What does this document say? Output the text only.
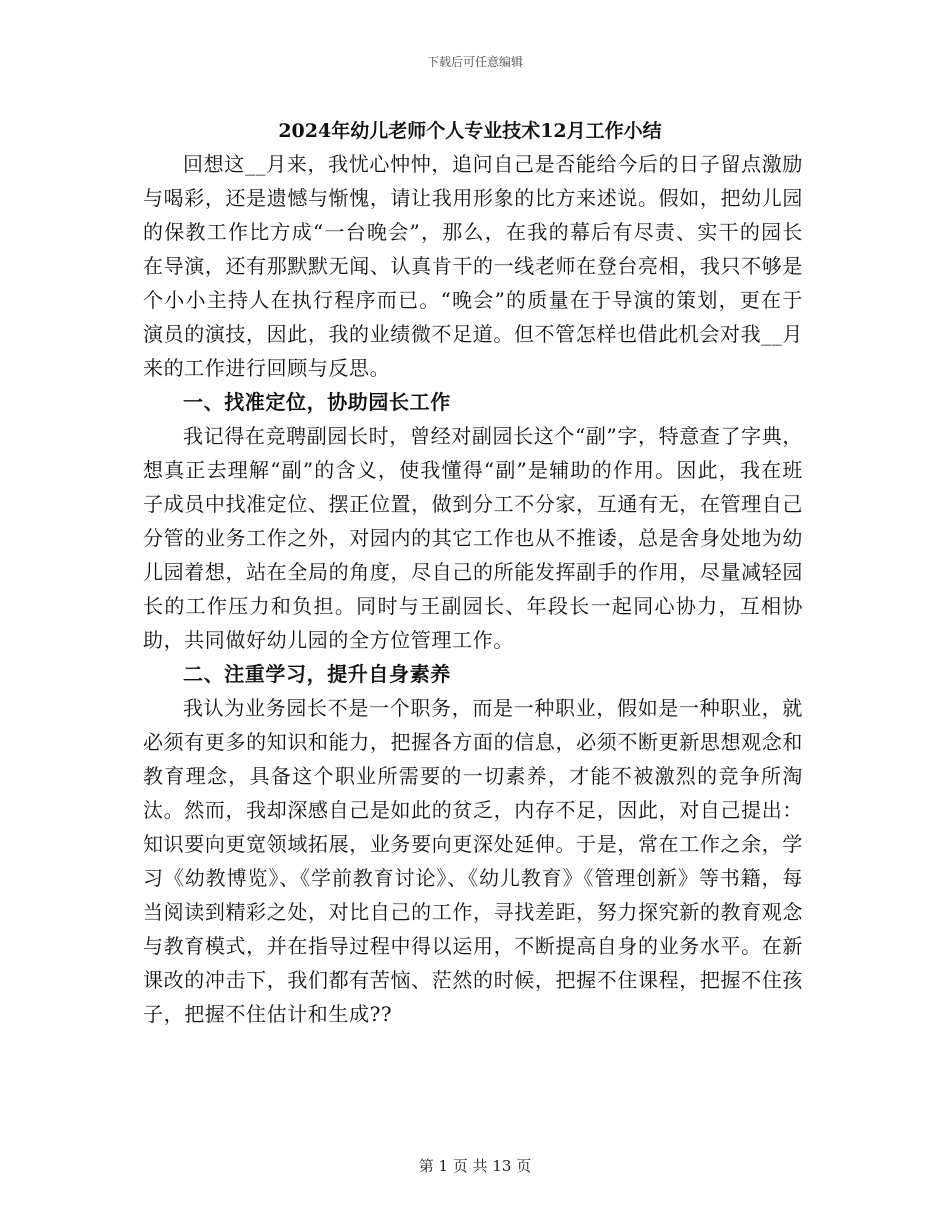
下载后可任意编辑
2024年幼儿老师个人专业技术12月工作小结

回想这__月来，我忧心忡忡，追问自己是否能给今后的日子留点激励与喝彩，还是遗憾与惭愧，请让我用形象的比方来述说。假如，把幼儿园的保教工作比方成“一台晚会”，那么，在我的幕后有尽责、实干的园长在导演，还有那默默无闻、认真肯干的一线老师在登台亮相，我只不够是个小小主持人在执行程序而已。“晚会”的质量在于导演的策划，更在于演员的演技，因此，我的业绩微不足道。但不管怎样也借此机会对我__月来的工作进行回顾与反思。

一、找准定位，协助园长工作

我记得在竞聘副园长时，曾经对副园长这个“副”字，特意查了字典，想真正去理解“副”的含义，使我懂得“副”是辅助的作用。因此，我在班子成员中找准定位、摆正位置，做到分工不分家，互通有无，在管理自己分管的业务工作之外，对园内的其它工作也从不推诿，总是舍身处地为幼儿园着想，站在全局的角度，尽自己的所能发挥副手的作用，尽量减轻园长的工作压力和负担。同时与王副园长、年段长一起同心协力，互相协助，共同做好幼儿园的全方位管理工作。

二、注重学习，提升自身素养

我认为业务园长不是一个职务，而是一种职业，假如是一种职业，就必须有更多的知识和能力，把握各方面的信息，必须不断更新思想观念和教育理念，具备这个职业所需要的一切素养，才能不被激烈的竞争所淘汰。然而，我却深感自己是如此的贫乏，内存不足，因此，对自己提出：知识要向更宽领域拓展，业务要向更深处延伸。于是，常在工作之余，学习《幼教博览》、《学前教育讨论》、《幼儿教育》《管理创新》等书籍，每当阅读到精彩之处，对比自己的工作，寻找差距，努力探究新的教育观念与教育模式，并在指导过程中得以运用，不断提高自身的业务水平。在新课改的冲击下，我们都有苦恼、茫然的时候，把握不住课程，把握不住孩子，把握不住估计和生成??

第 1 页 共 13 页
